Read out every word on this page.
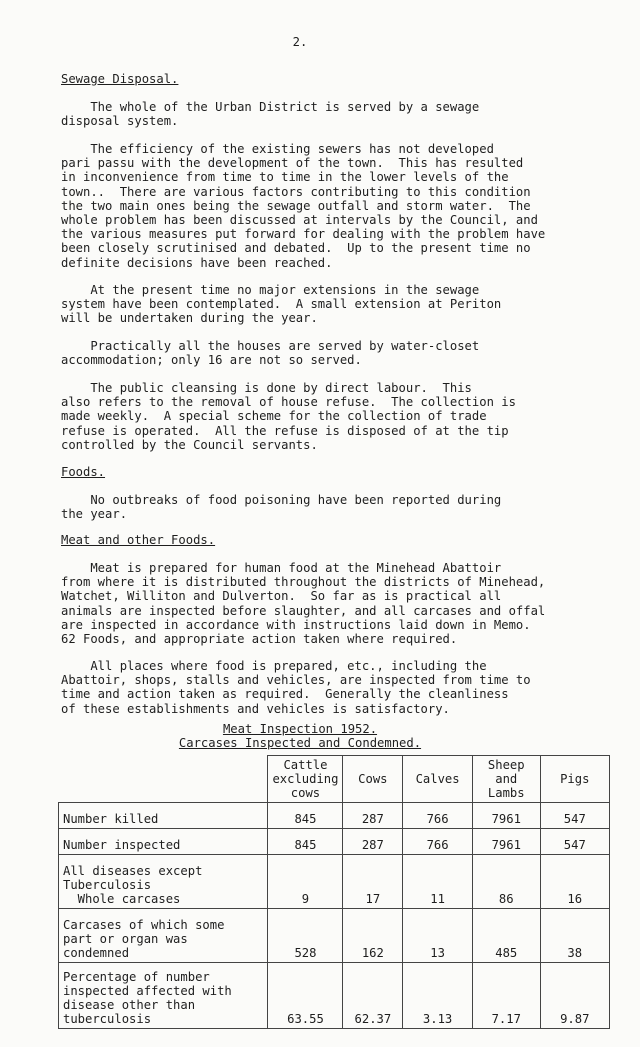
2.
Sewage Disposal.
The whole of the Urban District is served by a sewage
disposal system.
The efficiency of the existing sewers has not developed
pari passu with the development of the town.  This has resulted
in inconvenience from time to time in the lower levels of the
town..  There are various factors contributing to this condition
the two main ones being the sewage outfall and storm water.  The
whole problem has been discussed at intervals by the Council, and
the various measures put forward for dealing with the problem have
been closely scrutinised and debated.  Up to the present time no
definite decisions have been reached.
At the present time no major extensions in the sewage
system have been contemplated.  A small extension at Periton
will be undertaken during the year.
Practically all the houses are served by water-closet
accommodation; only 16 are not so served.
The public cleansing is done by direct labour.  This
also refers to the removal of house refuse.  The collection is
made weekly.  A special scheme for the collection of trade
refuse is operated.  All the refuse is disposed of at the tip
controlled by the Council servants.
Foods.
No outbreaks of food poisoning have been reported during
the year.
Meat and other Foods.
Meat is prepared for human food at the Minehead Abattoir
from where it is distributed throughout the districts of Minehead,
Watchet, Williton and Dulverton.  So far as is practical all
animals are inspected before slaughter, and all carcases and offal
are inspected in accordance with instructions laid down in Memo.
62 Foods, and appropriate action taken where required.
All places where food is prepared, etc., including the
Abattoir, shops, stalls and vehicles, are inspected from time to
time and action taken as required.  Generally the cleanliness
of these establishments and vehicles is satisfactory.
Meat Inspection 1952.
Carcases Inspected and Condemned.
	Cattle
excluding
cows	Cows	Calves	Sheep
and
Lambs	Pigs
Number killed	845	287	766	7961	547
Number inspected	845	287	766	7961	547
All diseases except
Tuberculosis
Whole carcases	9	17	11	86	16
Carcases of which some
part or organ was
condemned	528	162	13	485	38
Percentage of number
inspected affected with
disease other than
tuberculosis	63.55	62.37	3.13	7.17	9.87
